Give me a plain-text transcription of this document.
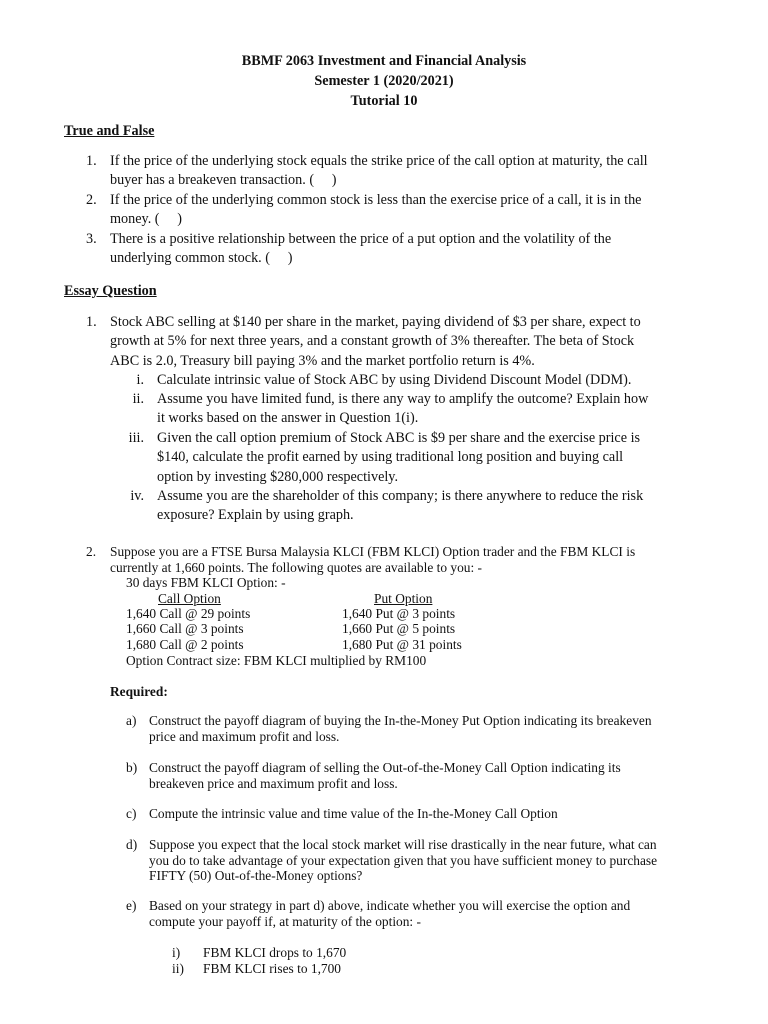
BBMF 2063 Investment and Financial Analysis
Semester 1 (2020/2021)
Tutorial 10
True and False
1. If the price of the underlying stock equals the strike price of the call option at maturity, the call
buyer has a breakeven transaction. (     )
2. If the price of the underlying common stock is less than the exercise price of a call, it is in the
money. (     )
3. There is a positive relationship between the price of a put option and the volatility of the
underlying common stock. (     )
Essay Question
1. Stock ABC selling at $140 per share in the market, paying dividend of $3 per share, expect to
growth at 5% for next three years, and a constant growth of 3% thereafter. The beta of Stock
ABC is 2.0, Treasury bill paying 3% and the market portfolio return is 4%.
i. Calculate intrinsic value of Stock ABC by using Dividend Discount Model (DDM).
ii. Assume you have limited fund, is there any way to amplify the outcome? Explain how
it works based on the answer in Question 1(i).
iii. Given the call option premium of Stock ABC is $9 per share and the exercise price is
$140, calculate the profit earned by using traditional long position and buying call
option by investing $280,000 respectively.
iv. Assume you are the shareholder of this company; is there anywhere to reduce the risk
exposure? Explain by using graph.
2.	Suppose you are a FTSE Bursa Malaysia KLCI (FBM KLCI) Option trader and the FBM KLCI is
currently at 1,660 points. The following quotes are available to you: -
30 days FBM KLCI Option: -
Call Option	Put Option
1,640 Call @ 29 points
1,660 Call @ 3 points
1,680 Call @ 2 points
1,640 Put @ 3 points
1,660 Put @ 5 points
1,680 Put @ 31 points
Option Contract size: FBM KLCI multiplied by RM100
Required:
a) Construct the payoff diagram of buying the In-the-Money Put Option indicating its breakeven
price and maximum profit and loss.
b) Construct the payoff diagram of selling the Out-of-the-Money Call Option indicating its
breakeven price and maximum profit and loss.
c) Compute the intrinsic value and time value of the In-the-Money Call Option
d) Suppose you expect that the local stock market will rise drastically in the near future, what can
you do to take advantage of your expectation given that you have sufficient money to purchase
FIFTY (50) Out-of-the-Money options?
e) Based on your strategy in part d) above, indicate whether you will exercise the option and
compute your payoff if, at maturity of the option: -
i) FBM KLCI drops to 1,670
ii) FBM KLCI rises to 1,700
